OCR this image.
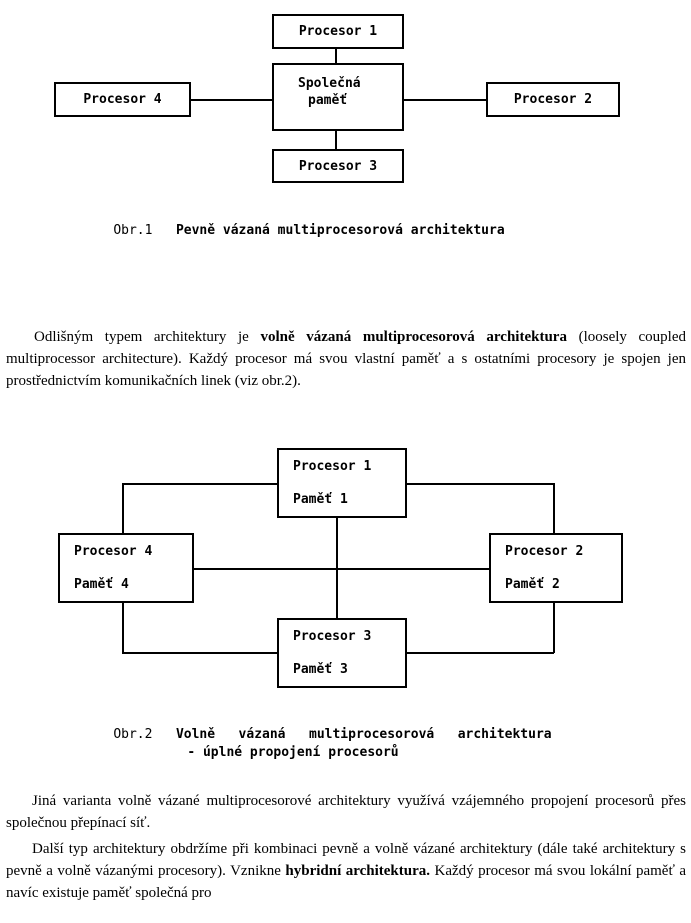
Procesor 1
Společná
paměť
Procesor 3
Procesor 4	Procesor 2

Obr.1 Pevně vázaná multiprocesorová architektura

Odlišným typem architektury je volně vázaná multiprocesorová architektura (loosely coupled multiprocessor architecture). Každý procesor má svou vlastní paměť a s ostatními procesory je spojen jen prostřednictvím komunikačních linek (viz obr.2).
Procesor 1
Paměť 1
Procesor 4
Paměť 4
Procesor 2
Paměť 2
Procesor 3
Paměť 3

Obr.2 Volně   vázaná   multiprocesorová   architektura

- úplné propojení procesorů

Jiná varianta volně vázané multiprocesorové architektury využívá vzájemného propojení procesorů přes společnou přepínací síť.
Další typ architektury obdržíme při kombinaci pevně a volně vázané architektury (dále také architektury s pevně a volně vázanými procesory). Vznikne hybridní architektura. Každý procesor má svou lokální paměť a navíc existuje paměť společná pro
